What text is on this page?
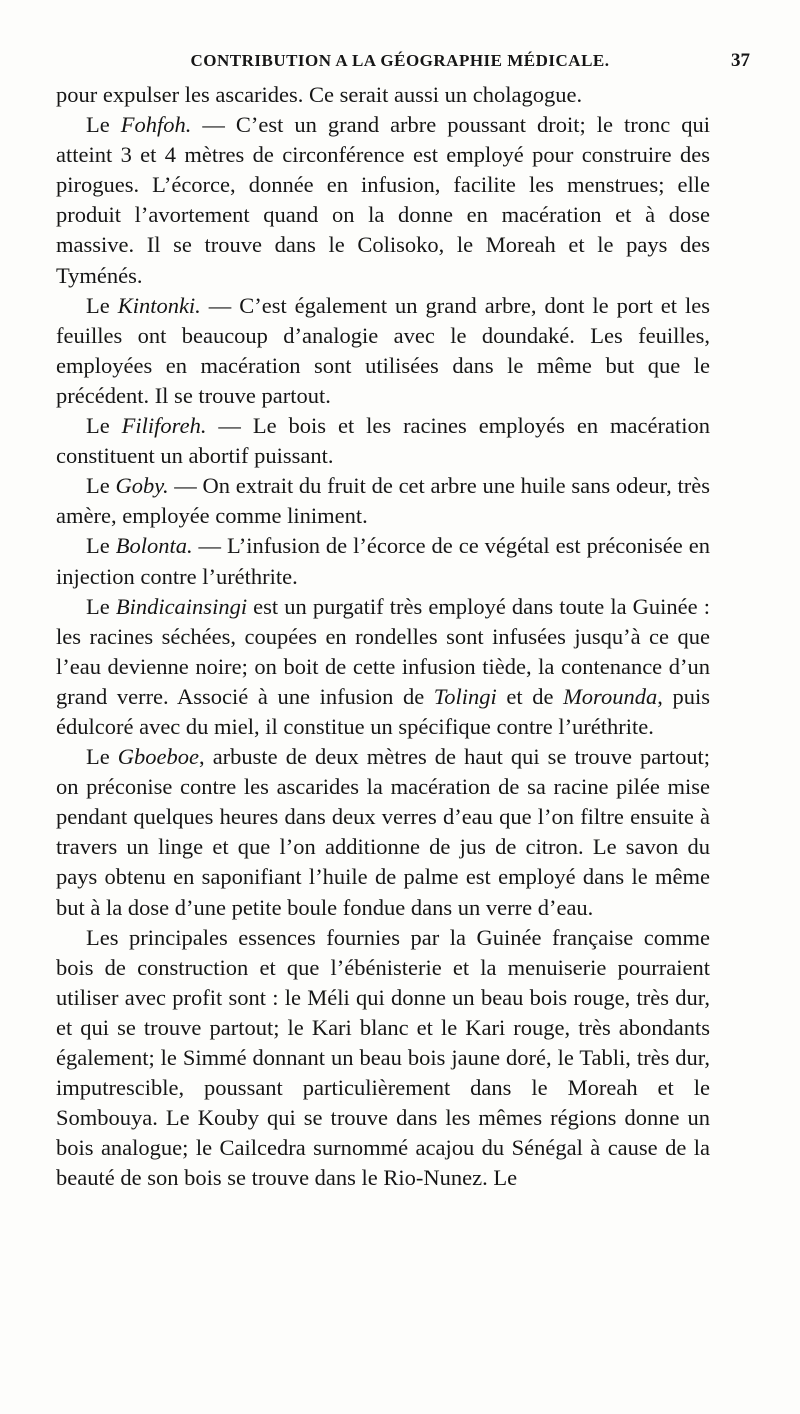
CONTRIBUTION A LA GÉOGRAPHIE MÉDICALE.	37

pour expulser les ascarides. Ce serait aussi un cholagogue.

Le Fohfoh. — C’est un grand arbre poussant droit; le tronc qui atteint 3 et 4 mètres de circonférence est employé pour construire des pirogues. L’écorce, donnée en infusion, facilite les menstrues; elle produit l’avortement quand on la donne en macération et à dose massive. Il se trouve dans le Colisoko, le Moreah et le pays des Tyménés.

Le Kintonki. — C’est également un grand arbre, dont le port et les feuilles ont beaucoup d’analogie avec le doundaké. Les feuilles, employées en macération sont utilisées dans le même but que le précédent. Il se trouve partout.

Le Filiforeh. — Le bois et les racines employés en macération constituent un abortif puissant.

Le Goby. — On extrait du fruit de cet arbre une huile sans odeur, très amère, employée comme liniment.

Le Bolonta. — L’infusion de l’écorce de ce végétal est préconisée en injection contre l’uréthrite.

Le Bindicainsingi est un purgatif très employé dans toute la Guinée : les racines séchées, coupées en rondelles sont infusées jusqu’à ce que l’eau devienne noire; on boit de cette infusion tiède, la contenance d’un grand verre. Associé à une infusion de Tolingi et de Morounda, puis édulcoré avec du miel, il constitue un spécifique contre l’uréthrite.

Le Gboeboe, arbuste de deux mètres de haut qui se trouve partout; on préconise contre les ascarides la macération de sa racine pilée mise pendant quelques heures dans deux verres d’eau que l’on filtre ensuite à travers un linge et que l’on additionne de jus de citron. Le savon du pays obtenu en saponifiant l’huile de palme est employé dans le même but à la dose d’une petite boule fondue dans un verre d’eau.

Les principales essences fournies par la Guinée française comme bois de construction et que l’ébénisterie et la menuiserie pourraient utiliser avec profit sont : le Méli qui donne un beau bois rouge, très dur, et qui se trouve partout; le Kari blanc et le Kari rouge, très abondants également; le Simmé donnant un beau bois jaune doré, le Tabli, très dur, imputrescible, poussant particulièrement dans le Moreah et le Sombouya. Le Kouby qui se trouve dans les mêmes régions donne un bois analogue; le Cailcedra surnommé acajou du Sénégal à cause de la beauté de son bois se trouve dans le Rio-Nunez. Le
